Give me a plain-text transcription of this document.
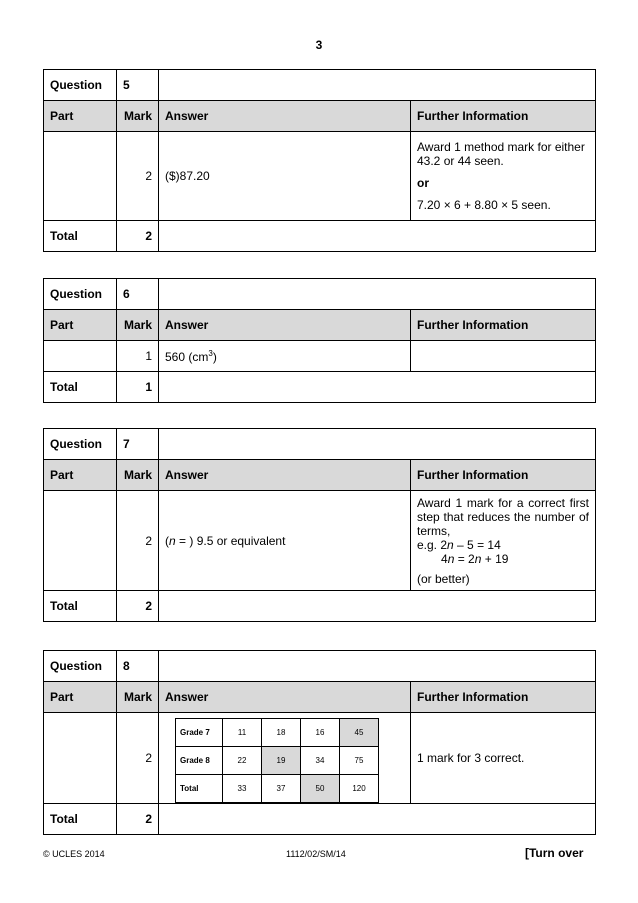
3
Question	5		
Part	Mark	Answer	Further Information
	2	($)87.20	Award 1 method mark for either 43.2 or 44 seen.

or

7.20 × 6 + 8.80 × 5 seen.

Total	2		
Question	6		
Part	Mark	Answer	Further Information
	1	560 $(cm^3)$	
Total	1		
Question	7		
Part	Mark	Answer	Further Information
	2	(n = ) 9.5 or equivalent	Award 1 mark for a correct first step that reduces the number of terms,

e.g. 2n – 5 = 14

4n = 2n + 19

(or better)

Total	2		
Question	8	
Part	Mark	Answer	Further Information
	2	
Grade 7	11	18	16	45
Grade 8	22	19	34	75
Total	33	37	50	120

1 mark for 3 correct.

Total	2	
© UCLES 2014	1112/02/SM/14	[Turn over
